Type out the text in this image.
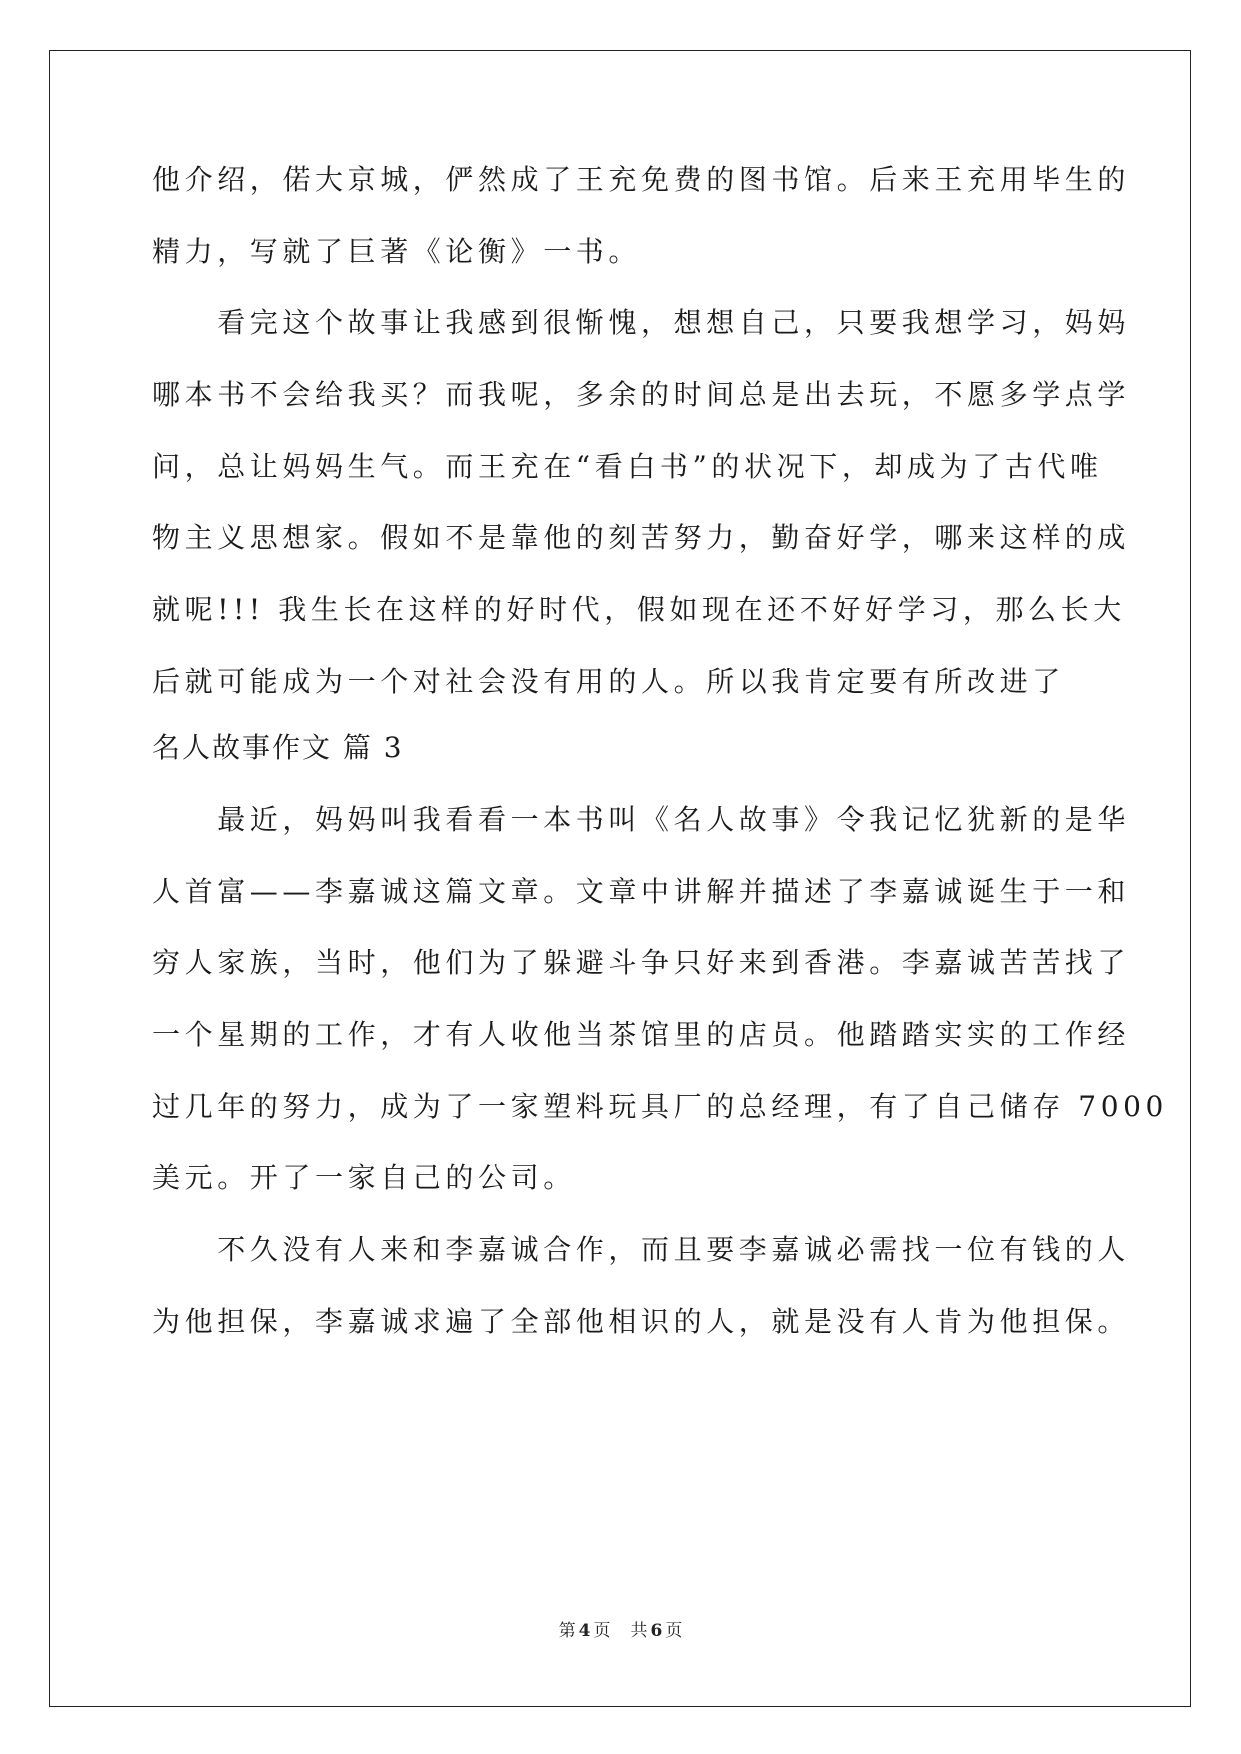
他介绍，偌大京城，俨然成了王充免费的图书馆。后来王充用毕生的
精力，写就了巨著《论衡》一书。
　　看完这个故事让我感到很惭愧，想想自己，只要我想学习，妈妈
哪本书不会给我买？而我呢，多余的时间总是出去玩，不愿多学点学
问，总让妈妈生气。而王充在“看白书”的状况下，却成为了古代唯
物主义思想家。假如不是靠他的刻苦努力，勤奋好学，哪来这样的成
就呢!!! 我生长在这样的好时代，假如现在还不好好学习，那么长大
后就可能成为一个对社会没有用的人。所以我肯定要有所改进了
名人故事作文 篇 3
　　最近，妈妈叫我看看一本书叫《名人故事》令我记忆犹新的是华
人首富——李嘉诚这篇文章。文章中讲解并描述了李嘉诚诞生于一和
穷人家族，当时，他们为了躲避斗争只好来到香港。李嘉诚苦苦找了
一个星期的工作，才有人收他当茶馆里的店员。他踏踏实实的工作经
过几年的努力，成为了一家塑料玩具厂的总经理，有了自己储存 7000
美元。开了一家自己的公司。
　　不久没有人来和李嘉诚合作，而且要李嘉诚必需找一位有钱的人
为他担保，李嘉诚求遍了全部他相识的人，就是没有人肯为他担保。
第 4 页 共 6 页
